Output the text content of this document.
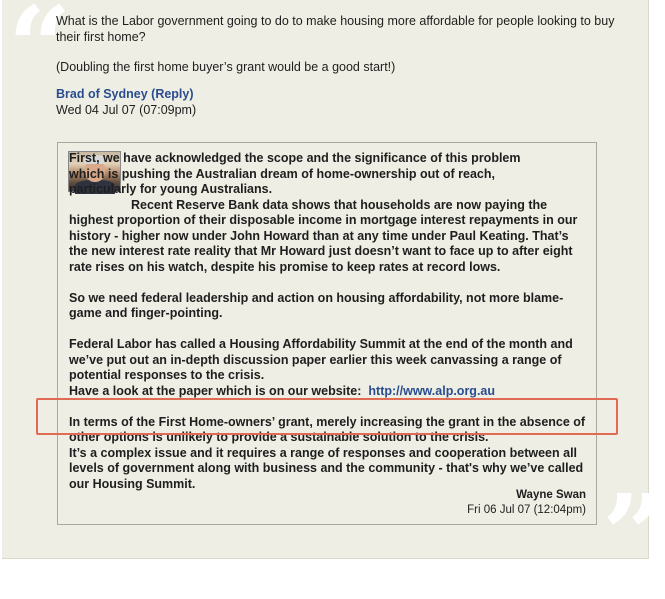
“
”

What is the Labor government going to do to make housing more affordable for people looking to buy their first home?

(Doubling the first home buyer’s grant would be a good start!)

Brad of Sydney (Reply)
Wed 04 Jul 07 (07:09pm)

First, we have acknowledged the scope and the significance of this problem

which is pushing the Australian dream of home-ownership out of reach,

particularly for young Australians.

Recent Reserve Bank data shows that households are now paying the highest proportion of their disposable income in mortgage interest repayments in our history - higher now under John Howard than at any time under Paul Keating. That’s the new interest rate reality that Mr Howard just doesn’t want to face up to after eight rate rises on his watch, despite his promise to keep rates at record lows.

So we need federal leadership and action on housing affordability, not more blame-game and finger-pointing.

Federal Labor has called a Housing Affordability Summit at the end of the month and we’ve put out an in-depth discussion paper earlier this week canvassing a range of potential responses to the crisis.

Have a look at the paper which is on our website: http://www.alp.org.au

In terms of the First Home-owners’ grant, merely increasing the grant in the absence of other options is unlikely to provide a sustainable solution to the crisis.

It’s a complex issue and it requires a range of responses and cooperation between all levels of government along with business and the community - that's why we’ve called our Housing Summit.

Wayne Swan
Fri 06 Jul 07 (12:04pm)
